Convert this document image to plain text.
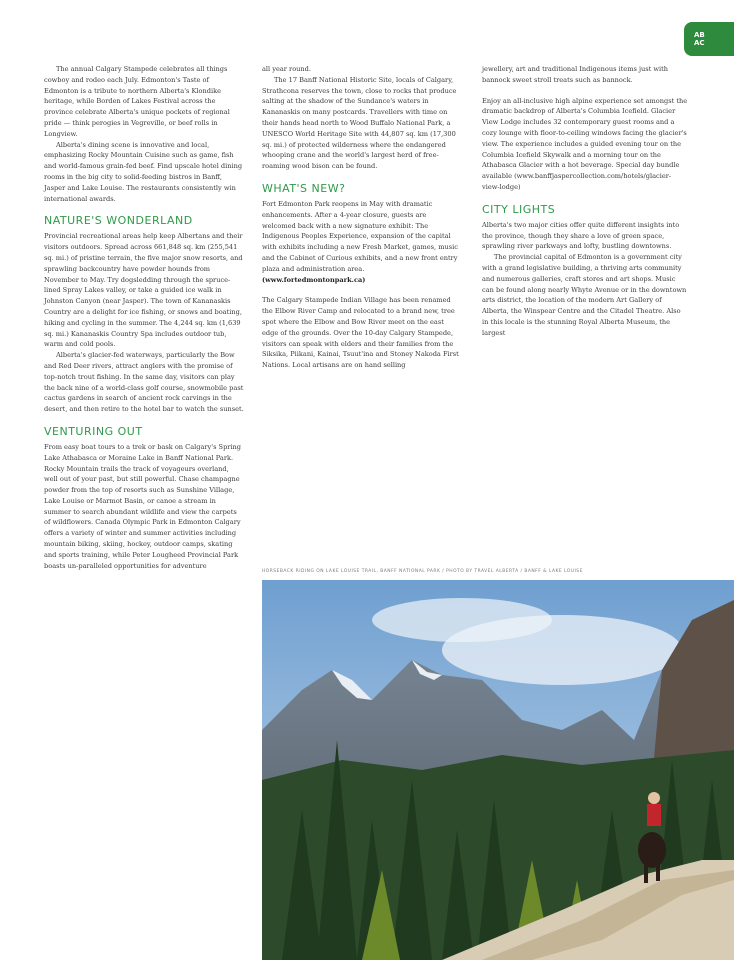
AB
AC

The annual Calgary Stampede celebrates all things cowboy and rodeo each July. Edmonton's Taste of Edmonton is a tribute to northern Alberta's Klondike heritage, while Borden of Lakes Festival across the province celebrate Alberta's unique pockets of regional pride — think perogies in Vegreville, or beef rolls in Longview.

Alberta's dining scene is innovative and local, emphasizing Rocky Mountain Cuisine such as game, fish and world-famous grain-fed beef. Find upscale hotel dining rooms in the big city to solid-feeding bistros in Banff, Jasper and Lake Louise. The restaurants consistently win international awards.

NATURE'S WONDERLAND

Provincial recreational areas help keep Albertans and their visitors outdoors. Spread across 661,848 sq. km (255,541 sq. mi.) of pristine terrain, the five major snow resorts, and sprawling backcountry have powder hounds from November to May. Try dogsledding through the spruce-lined Spray Lakes valley, or take a guided ice walk in Johnston Canyon (near Jasper). The town of Kananaskis Country are a delight for ice fishing, or snows and boating, hiking and cycling in the summer. The 4,244 sq. km (1,639 sq. mi.) Kananaskis Country Spa includes outdoor tub, warm and cold pools.

Alberta's glacier-fed waterways, particularly the Bow and Red Deer rivers, attract anglers with the promise of top-notch trout fishing. In the same day, visitors can play the back nine of a world-class golf course, snowmobile past cactus gardens in search of ancient rock carvings in the desert, and then retire to the hotel bar to watch the sunset.

VENTURING OUT

From easy boat tours to a trek or bask on Calgary's Spring Lake Athabasca or Moraine Lake in Banff National Park. Rocky Mountain trails the track of voyageurs overland, well out of your past, but still powerful. Chase champagne powder from the top of resorts such as Sunshine Village, Lake Louise or Marmot Basin, or canoe a stream in summer to search abundant wildlife and view the carpets of wildflowers. Canada Olympic Park in Edmonton Calgary offers a variety of winter and summer activities including mountain biking, skiing, hockey, outdoor camps, skating and sports training, while Peter Lougheed Provincial Park boasts un-paralleled opportunities for adventure

all year round.

The 17 Banff National Historic Site, locals of Calgary, Strathcona reserves the town, close to rocks that produce salting at the shadow of the Sundance's waters in Kananaskis on many postcards. Travellers with time on their hands head north to Wood Buffalo National Park, a UNESCO World Heritage Site with 44,807 sq. km (17,300 sq. mi.) of protected wilderness where the endangered whooping crane and the world's largest herd of free-roaming wood bison can be found.

WHAT'S NEW?

Fort Edmonton Park reopens in May with dramatic enhancements. After a 4-year closure, guests are welcomed back with a new signature exhibit: The Indigenous Peoples Experience, expansion of the capital with exhibits including a new Fresh Market, games, music and the Cabinet of Curious exhibits, and a new front entry plaza and administration area.

(www.fortedmontonpark.ca)

The Calgary Stampede Indian Village has been renamed the Elbow River Camp and relocated to a brand new, tree spot where the Elbow and Bow River meet on the east edge of the grounds. Over the 10-day Calgary Stampede, visitors can speak with elders and their families from the Siksika, Piikani, Kainai, Tsuut'ina and Stoney Nakoda First Nations. Local artisans are on hand selling

jewellery, art and traditional Indigenous items just with bannock sweet stroll treats such as bannock.

Enjoy an all-inclusive high alpine experience set amongst the dramatic backdrop of Alberta's Columbia Icefield. Glacier View Lodge includes 32 contemporary guest rooms and a cozy lounge with floor-to-ceiling windows facing the glacier's view. The experience includes a guided evening tour on the Columbia Icefield Skywalk and a morning tour on the Athabasca Glacier with a hot beverage. Special day bundle available (www.banffjaspercollection.com/hotels/glacier-view-lodge)

CITY LIGHTS

Alberta's two major cities offer quite different insights into the province, though they share a love of green space, sprawling river parkways and lofty, bustling downtowns.

The provincial capital of Edmonton is a government city with a grand legislative building, a thriving arts community and numerous galleries, craft stores and art shops. Music can be found along nearly Whyte Avenue or in the downtown arts district, the location of the modern Art Gallery of Alberta, the Winspear Centre and the Citadel Theatre. Also in this locale is the stunning Royal Alberta Museum, the largest

HORSEBACK RIDING ON LAKE LOUISE TRAIL, BANFF NATIONAL PARK / PHOTO BY TRAVEL ALBERTA / BANFF & LAKE LOUISE
